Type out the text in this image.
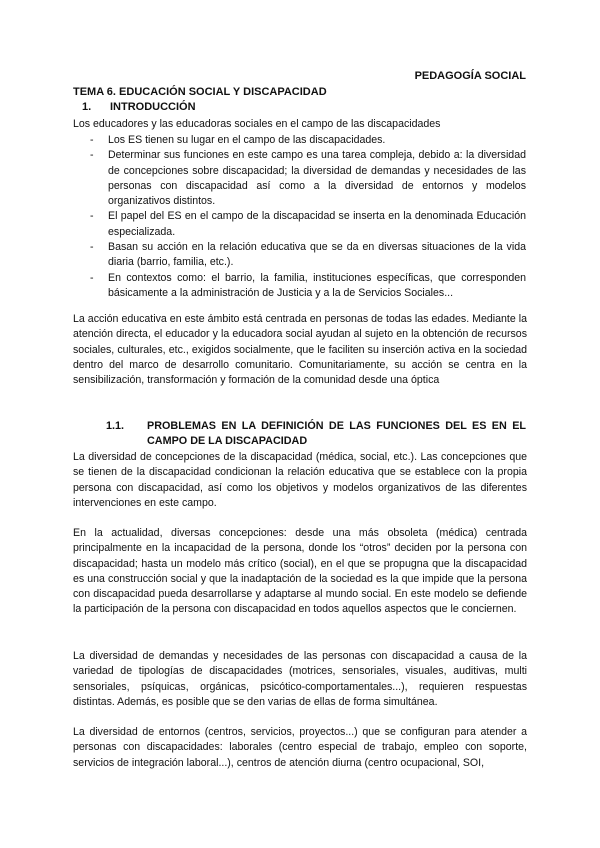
PEDAGOGÍA SOCIAL
TEMA 6. EDUCACIÓN SOCIAL Y DISCAPACIDAD
1. INTRODUCCIÓN
Los educadores y las educadoras sociales en el campo de las discapacidades
- Los ES tienen su lugar en el campo de las discapacidades.
- Determinar sus funciones en este campo es una tarea compleja, debido a: la diversidad de concepciones sobre discapacidad; la diversidad de demandas y necesidades de las personas con discapacidad así como a la diversidad de entornos y modelos organizativos distintos.
- El papel del ES en el campo de la discapacidad se inserta en la denominada Educación especializada.
- Basan su acción en la relación educativa que se da en diversas situaciones de la vida diaria (barrio, familia, etc.).
- En contextos como: el barrio, la familia, instituciones específicas, que corresponden básicamente a la administración de Justicia y a la de Servicios Sociales...

La acción educativa en este ámbito está centrada en personas de todas las edades. Mediante la atención directa, el educador y la educadora social ayudan al sujeto en la obtención de recursos sociales, culturales, etc., exigidos socialmente, que le faciliten su inserción activa en la sociedad dentro del marco de desarrollo comunitario. Comunitariamente, su acción se centra en la sensibilización, transformación y formación de la comunidad desde una óptica

1.1. PROBLEMAS EN LA DEFINICIÓN DE LAS FUNCIONES DEL ES EN EL CAMPO DE LA DISCAPACIDAD

La diversidad de concepciones de la discapacidad (médica, social, etc.). Las concepciones que se tienen de la discapacidad condicionan la relación educativa que se establece con la propia persona con discapacidad, así como los objetivos y modelos organizativos de las diferentes intervenciones en este campo.

En la actualidad, diversas concepciones: desde una más obsoleta (médica) centrada principalmente en la incapacidad de la persona, donde los “otros” deciden por la persona con discapacidad; hasta un modelo más crítico (social), en el que se propugna que la discapacidad es una construcción social y que la inadaptación de la sociedad es la que impide que la persona con discapacidad pueda desarrollarse y adaptarse al mundo social. En este modelo se defiende la participación de la persona con discapacidad en todos aquellos aspectos que le conciernen.

La diversidad de demandas y necesidades de las personas con discapacidad a causa de la variedad de tipologías de discapacidades (motrices, sensoriales, visuales, auditivas, multi sensoriales, psíquicas, orgánicas, psicótico-comportamentales...), requieren respuestas distintas. Además, es posible que se den varias de ellas de forma simultánea.

La diversidad de entornos (centros, servicios, proyectos...) que se configuran para atender a personas con discapacidades: laborales (centro especial de trabajo, empleo con soporte, servicios de integración laboral...), centros de atención diurna (centro ocupacional, SOI,
